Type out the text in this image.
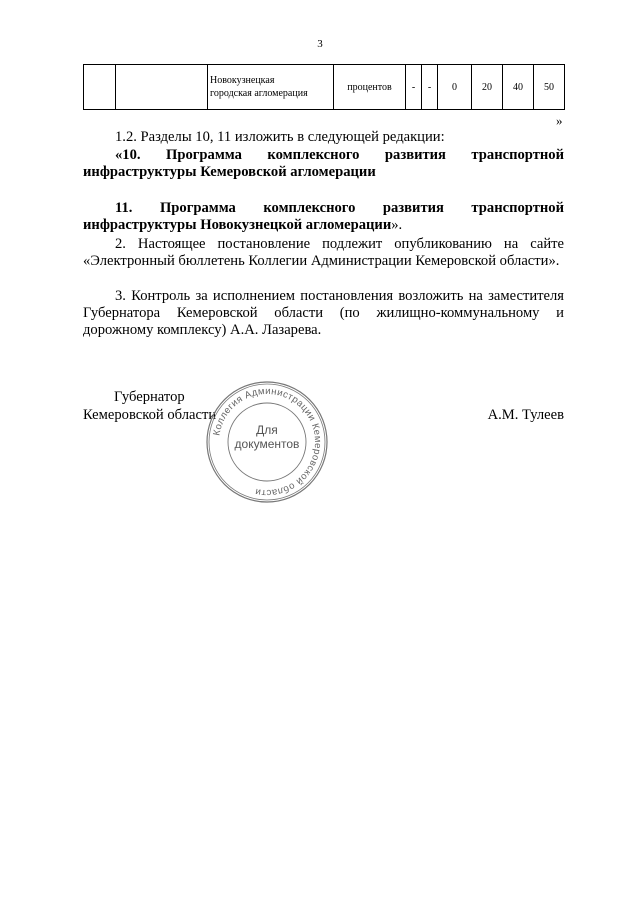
3

Новокузнецкая
городская агломерация
	процентов	-	-	0	20	40	50
»

1.2. Разделы 10, 11 изложить в следующей редакции:

«10. Программа комплексного развития транспортной инфраструктуры Кемеровской агломерации

11. Программа комплексного развития транспортной инфраструктуры Новокузнецкой агломерации».

2. Настоящее постановление подлежит опубликованию на сайте «Электронный бюллетень Коллегии Администрации Кемеровской области».

3. Контроль за исполнением постановления возложить на заместителя Губернатора Кемеровской области (по жилищно-коммунальному и дорожному комплексу) А.А. Лазарева.

Губернатор
Кемеровской области	А.М. Тулеев
Коллегия Администрации Кемеровской области
Для
документов
